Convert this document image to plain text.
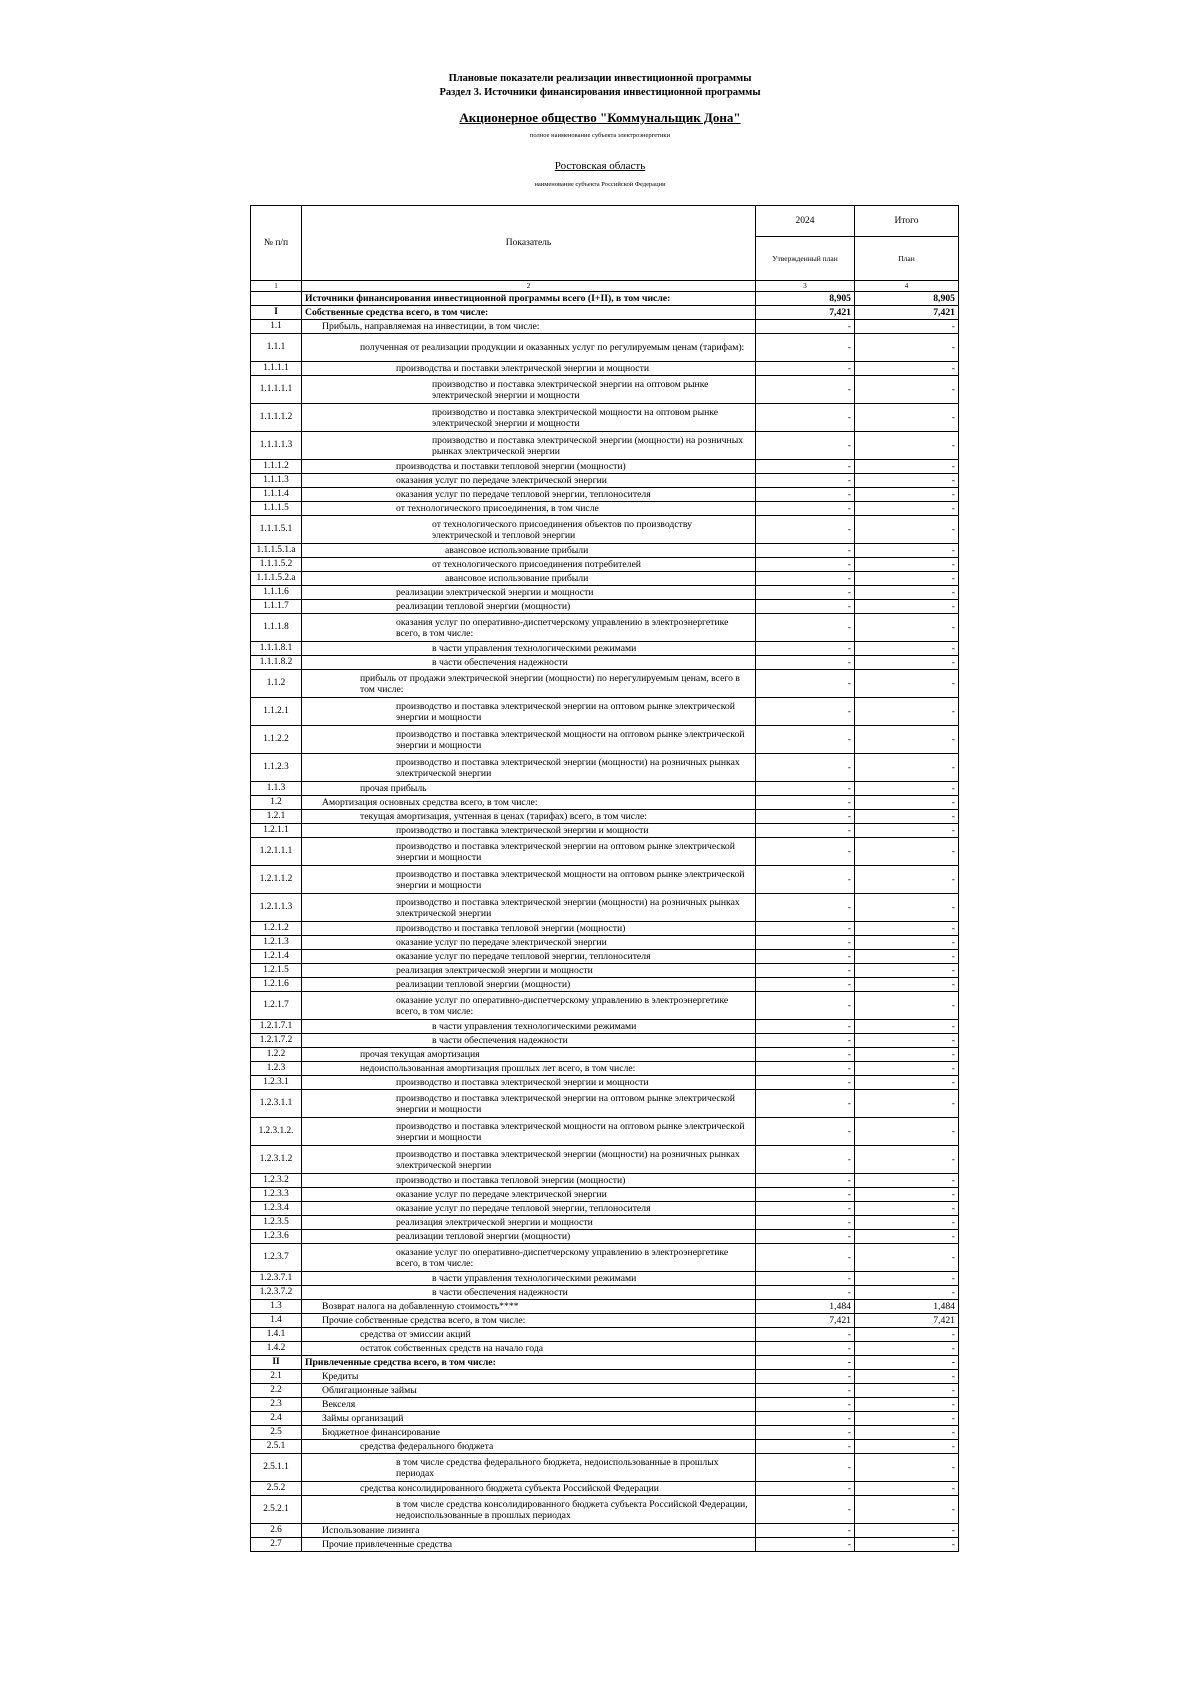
Плановые показатели реализации инвестиционной программы
Раздел 3. Источники финансирования инвестиционной программы
Акционерное общество "Коммунальщик Дона"
полное наименование субъекта электроэнергетики
Ростовская область
наименование субъекта Российской Федерации
№ п/п	Показатель	2024	Итого
		Утвержденный план	План
1	2	3	4
	Источники финансирования инвестиционной программы всего (I+II), в том числе:	8,905	8,905
I	Собственные средства всего, в том числе:	7,421	7,421
1.1	Прибыль, направляемая на инвестиции, в том числе:	-	-
1.1.1	полученная от реализации продукции и оказанных услуг по регулируемым ценам (тарифам):	-	-
1.1.1.1	производства и поставки электрической энергии и мощности	-	-
1.1.1.1.1	производство и поставка электрической энергии на оптовом рынке электрической энергии и мощности	-	-
1.1.1.1.2	производство и поставка электрической мощности на оптовом рынке электрической энергии и мощности	-	-
1.1.1.1.3	производство и поставка электрической энергии (мощности) на розничных рынках электрической энергии	-	-
1.1.1.2	производства и поставки тепловой энергии (мощности)	-	-
1.1.1.3	оказания услуг по передаче электрической энергии	-	-
1.1.1.4	оказания услуг по передаче тепловой энергии, теплоносителя	-	-
1.1.1.5	от технологического присоединения, в том числе	-	-
1.1.1.5.1	от технологического присоединения объектов по производству электрической и тепловой энергии	-	-
1.1.1.5.1.а	авансовое использование прибыли	-	-
1.1.1.5.2	от технологического присоединения потребителей	-	-
1.1.1.5.2.а	авансовое использование прибыли	-	-
1.1.1.6	реализации электрической энергии и мощности	-	-
1.1.1.7	реализации тепловой энергии (мощности)	-	-
1.1.1.8	оказания услуг по оперативно-диспетчерскому управлению в электроэнергетике всего, в том числе:	-	-
1.1.1.8.1	в части управления технологическими режимами	-	-
1.1.1.8.2	в части обеспечения надежности	-	-
1.1.2	прибыль от продажи электрической энергии (мощности) по нерегулируемым ценам, всего в том числе:	-	-
1.1.2.1	производство и поставка электрической энергии на оптовом рынке электрической энергии и мощности	-	-
1.1.2.2	производство и поставка электрической мощности на оптовом рынке электрической энергии и мощности	-	-
1.1.2.3	производство и поставка электрической энергии (мощности) на розничных рынках электрической энергии	-	-
1.1.3	прочая прибыль	-	-
1.2	Амортизация основных средства всего, в том числе:	-	-
1.2.1	текущая амортизация, учтенная в ценах (тарифах) всего, в том числе:	-	-
1.2.1.1	производство и поставка электрической энергии и мощности	-	-
1.2.1.1.1	производство и поставка электрической энергии на оптовом рынке электрической энергии и мощности	-	-
1.2.1.1.2	производство и поставка электрической мощности на оптовом рынке электрической энергии и мощности	-	-
1.2.1.1.3	производство и поставка электрической энергии (мощности) на розничных рынках электрической энергии	-	-
1.2.1.2	производство и поставка тепловой энергии (мощности)	-	-
1.2.1.3	оказание услуг по передаче электрической энергии	-	-
1.2.1.4	оказание услуг по передаче тепловой энергии, теплоносителя	-	-
1.2.1.5	реализация электрической энергии и мощности	-	-
1.2.1.6	реализации тепловой энергии (мощности)	-	-
1.2.1.7	оказание услуг по оперативно-диспетчерскому управлению в электроэнергетике всего, в том числе:	-	-
1.2.1.7.1	в части управления технологическими режимами	-	-
1.2.1.7.2	в части обеспечения надежности	-	-
1.2.2	прочая текущая амортизация	-	-
1.2.3	недоиспользованная амортизация прошлых лет всего, в том числе:	-	-
1.2.3.1	производство и поставка электрической энергии и мощности	-	-
1.2.3.1.1	производство и поставка электрической энергии на оптовом рынке электрической энергии и мощности	-	-
1.2.3.1.2.	производство и поставка электрической мощности на оптовом рынке электрической энергии и мощности	-	-
1.2.3.1.2	производство и поставка электрической энергии (мощности) на розничных рынках электрической энергии	-	-
1.2.3.2	производство и поставка тепловой энергии (мощности)	-	-
1.2.3.3	оказание услуг по передаче электрической энергии	-	-
1.2.3.4	оказание услуг по передаче тепловой энергии, теплоносителя	-	-
1.2.3.5	реализация электрической энергии и мощности	-	-
1.2.3.6	реализации тепловой энергии (мощности)	-	-
1.2.3.7	оказание услуг по оперативно-диспетчерскому управлению в электроэнергетике всего, в том числе:	-	-
1.2.3.7.1	в части управления технологическими режимами	-	-
1.2.3.7.2	в части обеспечения надежности	-	-
1.3	Возврат налога на добавленную стоимость****	1,484	1,484
1.4	Прочие собственные средства всего, в том числе:	7,421	7,421
1.4.1	средства от эмиссии акций	-	-
1.4.2	остаток собственных средств на начало года	-	-
II	Привлеченные средства всего, в том числе:	-	-
2.1	Кредиты	-	-
2.2	Облигационные займы	-	-
2.3	Векселя	-	-
2.4	Займы организаций	-	-
2.5	Бюджетное финансирование	-	-
2.5.1	средства федерального бюджета	-	-
2.5.1.1	в том числе средства федерального бюджета, недоиспользованные в прошлых периодах	-	-
2.5.2	средства консолидированного бюджета субъекта Российской Федерации	-	-
2.5.2.1	в том числе средства консолидированного бюджета субъекта Российской Федерации, недоиспользованные в прошлых периодах	-	-
2.6	Использование лизинга	-	-
2.7	Прочие привлеченные средства	-	-
